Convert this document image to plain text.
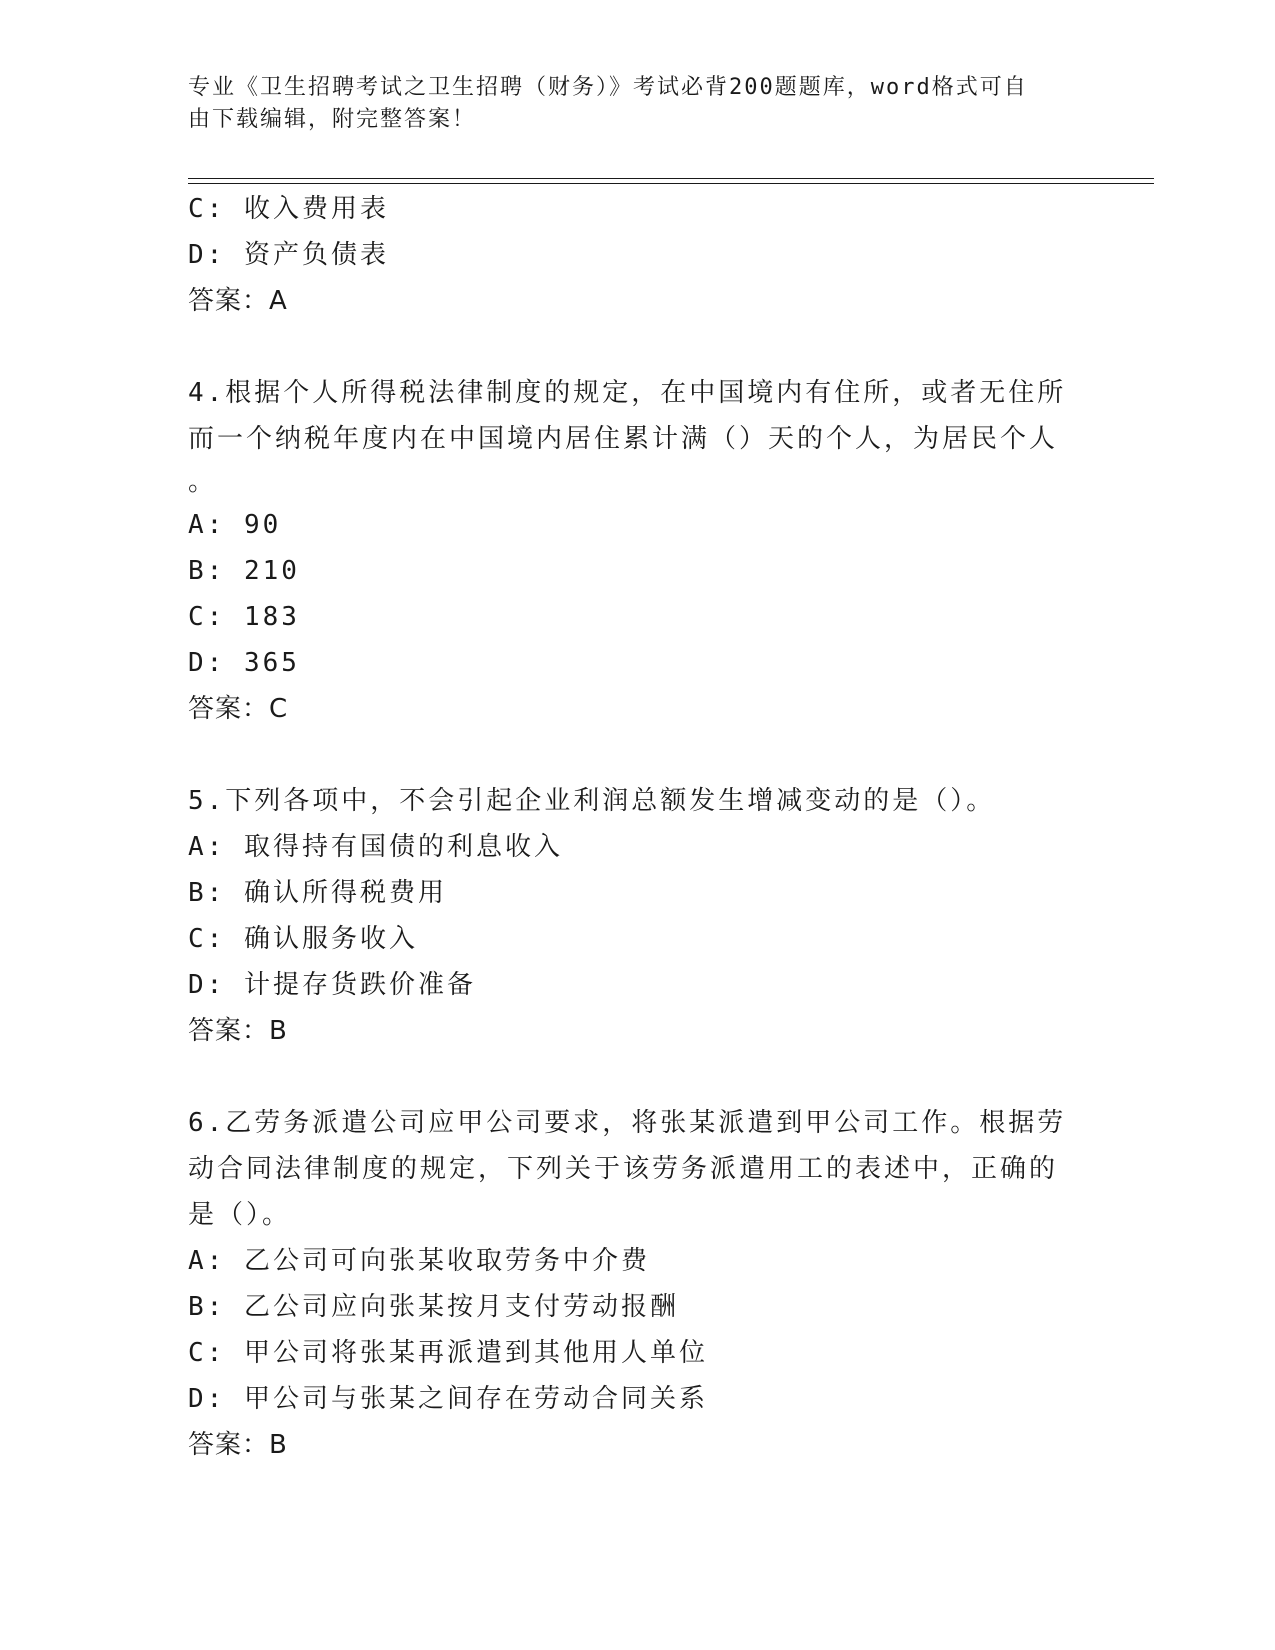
专业《卫生招聘考试之卫生招聘（财务）》考试必背200题题库，word格式可自
由下载编辑，附完整答案！
C: 收入费用表
D: 资产负债表
答案：A
4.根据个人所得税法律制度的规定，在中国境内有住所，或者无住所
而一个纳税年度内在中国境内居住累计满（）天的个人，为居民个人
。
A: 90
B: 210
C: 183
D: 365
答案：C
5.下列各项中，不会引起企业利润总额发生增减变动的是（）。
A: 取得持有国债的利息收入
B: 确认所得税费用
C: 确认服务收入
D: 计提存货跌价准备
答案：B
6.乙劳务派遣公司应甲公司要求，将张某派遣到甲公司工作。根据劳
动合同法律制度的规定，下列关于该劳务派遣用工的表述中，正确的
是（）。
A: 乙公司可向张某收取劳务中介费
B: 乙公司应向张某按月支付劳动报酬
C: 甲公司将张某再派遣到其他用人单位
D: 甲公司与张某之间存在劳动合同关系
答案：B
